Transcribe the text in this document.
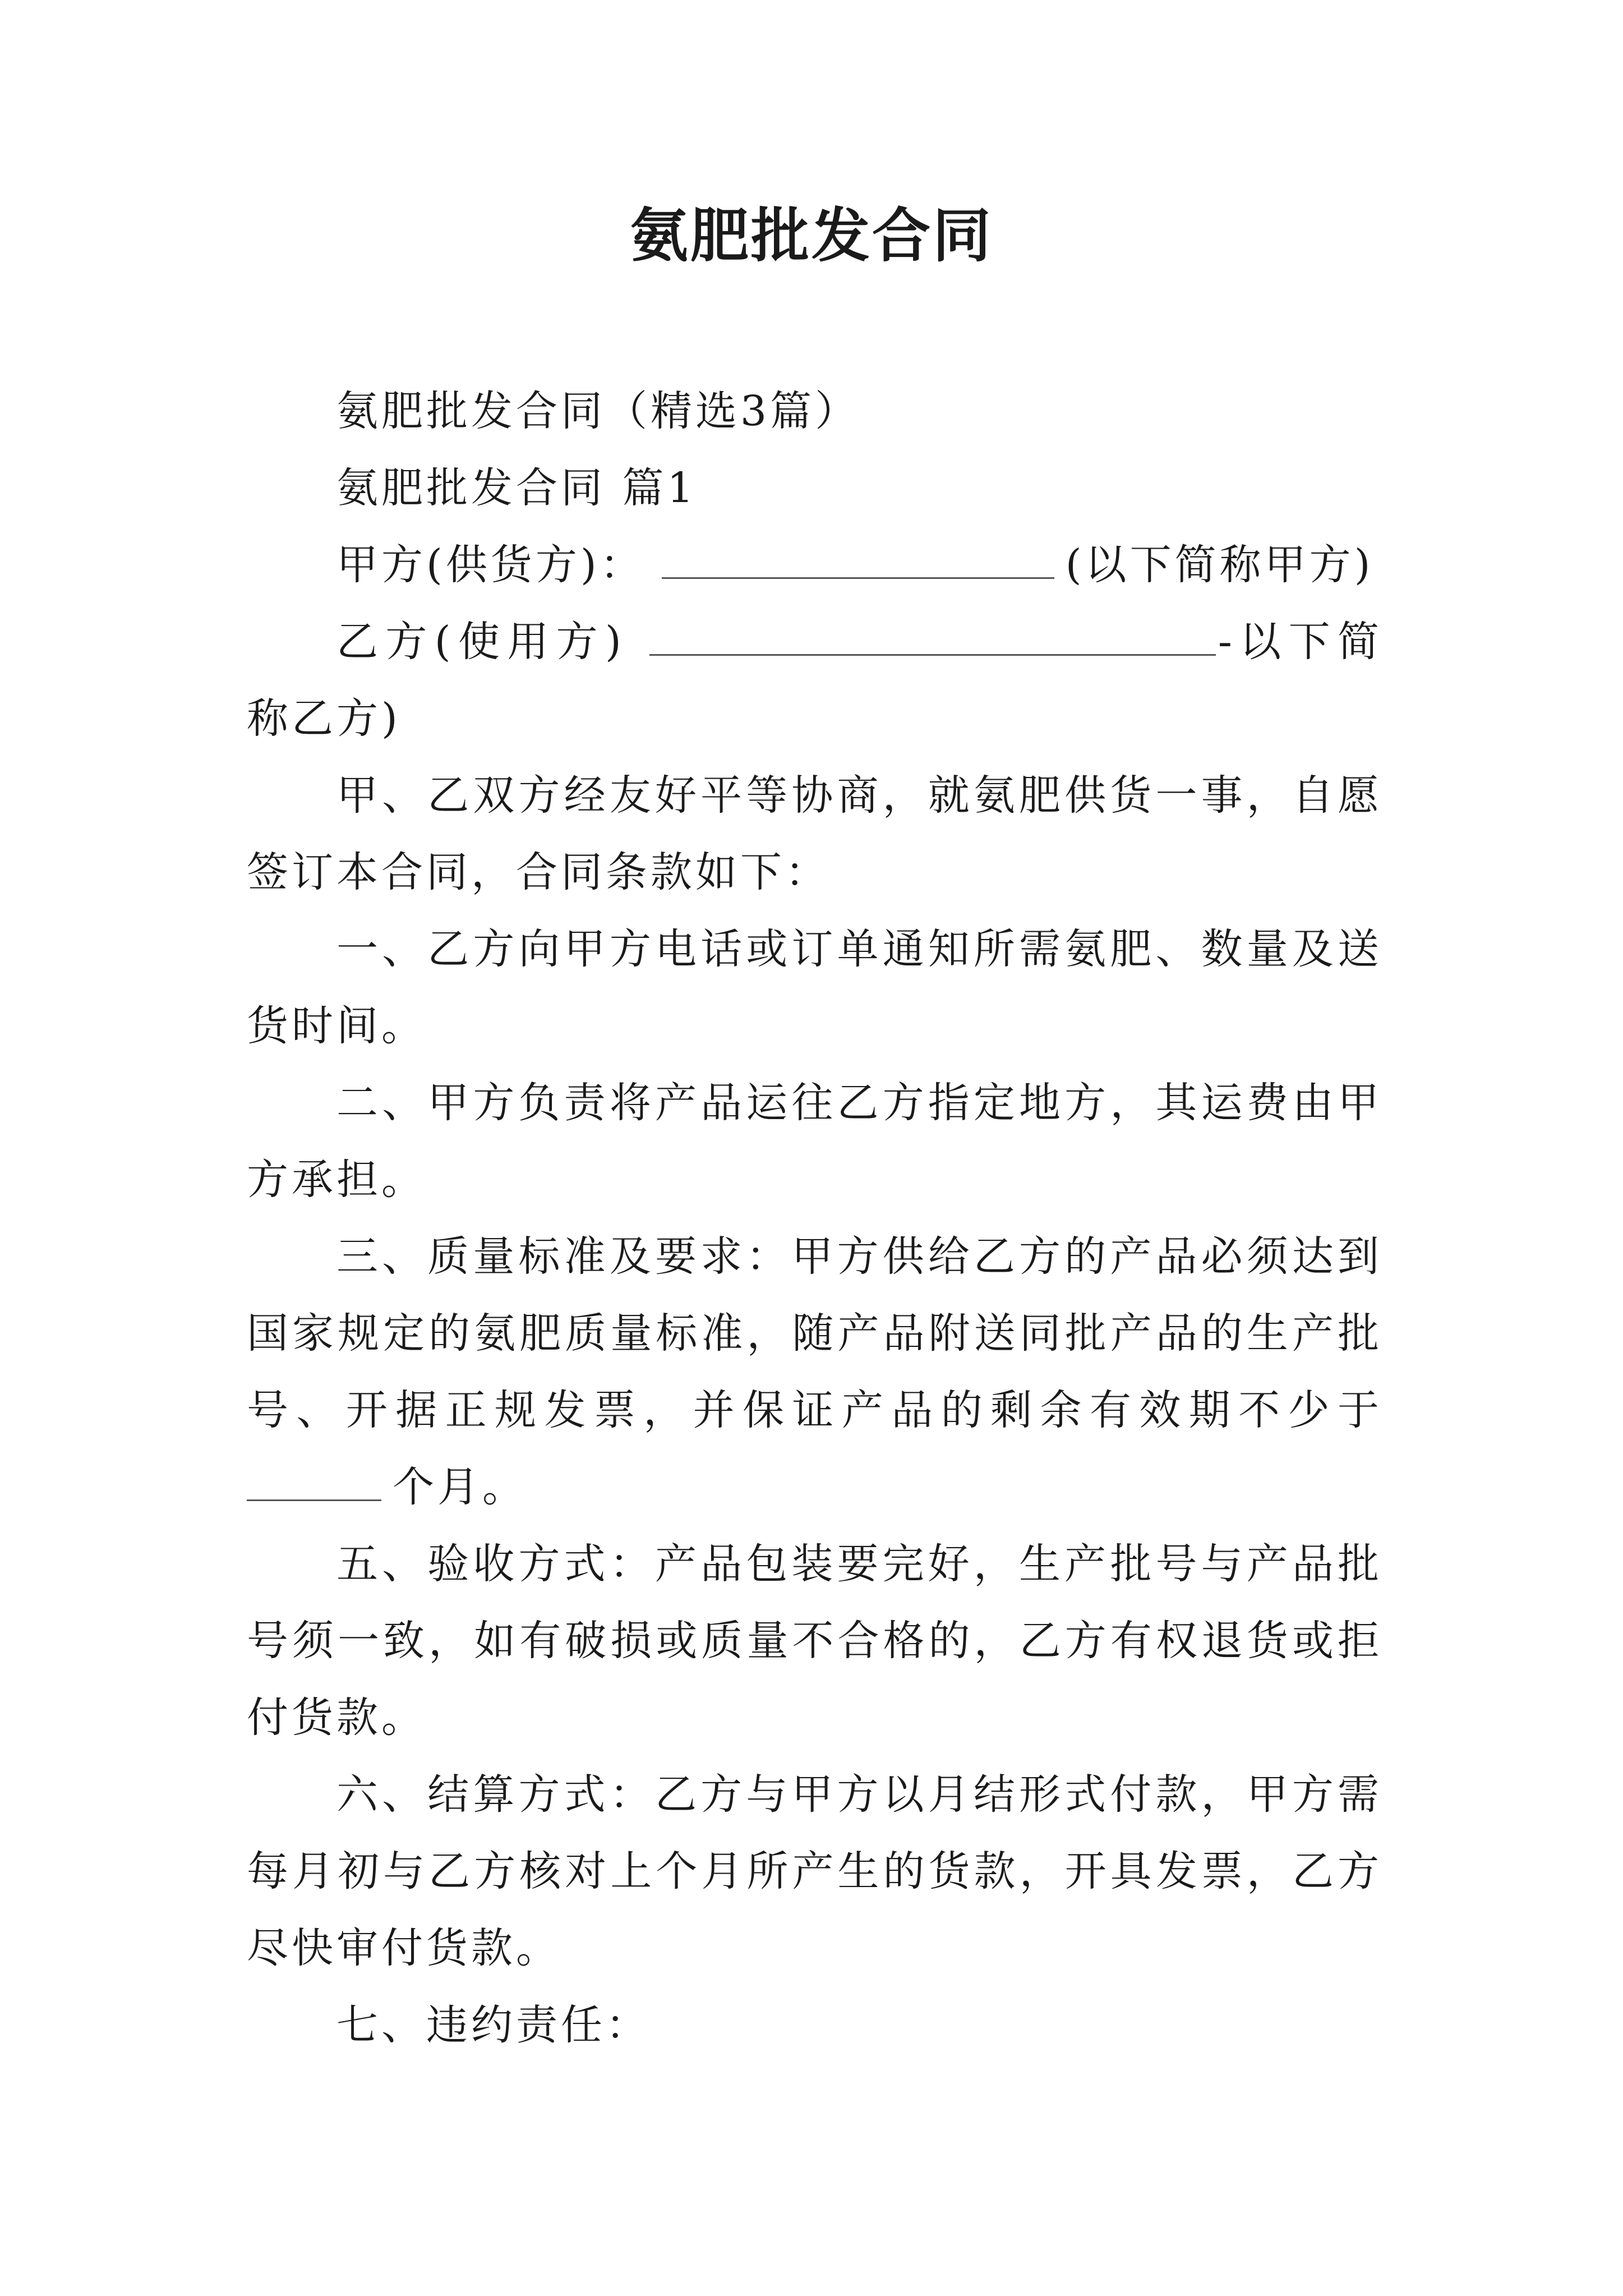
氨肥批发合同

氨肥批发合同（精选3篇）

氨肥批发合同 篇1

甲方(供货方)：	(以下简称甲方)

乙方(使用方)	-以下简称乙方)

甲、乙双方经友好平等协商，就氨肥供货一事，自愿签订本合同，合同条款如下：

一、乙方向甲方电话或订单通知所需氨肥、数量及送货时间。

二、甲方负责将产品运往乙方指定地方，其运费由甲方承担。

三、质量标准及要求：甲方供给乙方的产品必须达到国家规定的氨肥质量标准，随产品附送同批产品的生产批号、开据正规发票，并保证产品的剩余有效期不少于个月。

五、验收方式：产品包装要完好，生产批号与产品批号须一致，如有破损或质量不合格的，乙方有权退货或拒付货款。

六、结算方式：乙方与甲方以月结形式付款，甲方需每月初与乙方核对上个月所产生的货款，开具发票，乙方尽快审付货款。

七、违约责任：
